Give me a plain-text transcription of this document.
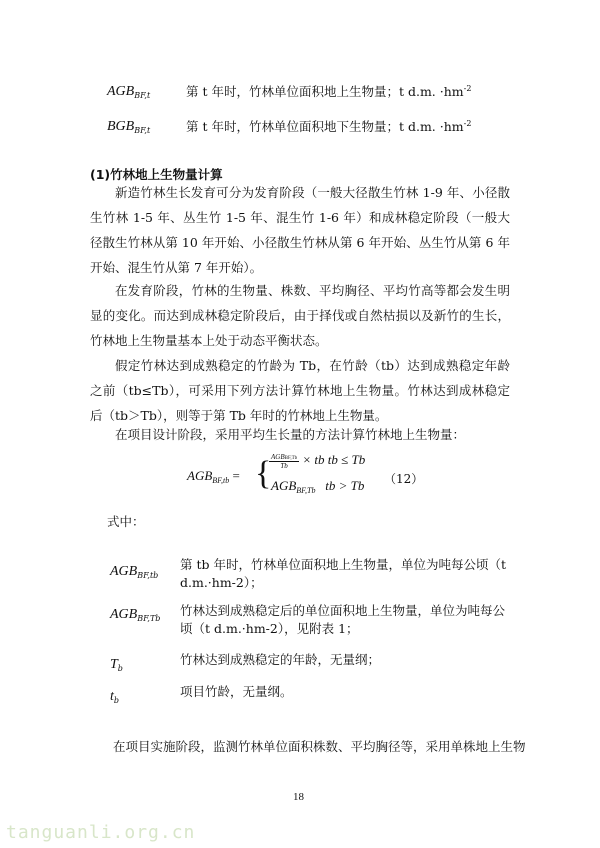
$AGB_{BF,t}$	第 t 年时，竹林单位面积地上生物量；t d.m. $\cdot hm^{-2}$
$BGB_{BF,t}$	第 t 年时，竹林单位面积地下生物量；t d.m. $\cdot hm^{-2}$
(1)竹林地上生物量计算
新造竹林生长发育可分为发育阶段（一般大径散生竹林 1-9 年、小径散生竹林 1-5 年、丛生竹 1-5 年、混生竹 1-6 年）和成林稳定阶段（一般大径散生竹林从第 10 年开始、小径散生竹林从第 6 年开始、丛生竹从第 6 年开始、混生竹从第 7 年开始）。
在发育阶段，竹林的生物量、株数、平均胸径、平均竹高等都会发生明显的变化。而达到成林稳定阶段后，由于择伐或自然枯损以及新竹的生长，竹林地上生物量基本上处于动态平衡状态。
假定竹林达到成熟稳定的竹龄为 Tb，在竹龄（tb）达到成熟稳定年龄之前（tb≤Tb），可采用下列方法计算竹林地上生物量。竹林达到成林稳定后（tb＞Tb），则等于第 Tb 年时的竹林地上生物量。
在项目设计阶段，采用平均生长量的方法计算竹林地上生物量：
$AGB_{BF,tb}$ = {
$\frac{\text{AGBBF,Tb}}{Tb}$ × tb tb ≤ Tb
$AGB_{BF,Tb}$ tb > Tb （12）
式中：
$AGB_{BF,tb}$
第 tb 年时，竹林单位面积地上生物量，单位为吨每公顷（t d.m.·hm-2）；
$AGB_{BF,Tb}$
竹林达到成熟稳定后的单位面积地上生物量，单位为吨每公顷（t d.m.·hm-2），见附表 1；
$T_b$
竹林达到成熟稳定的年龄，无量纲；
$t_b$
项目竹龄，无量纲。
在项目实施阶段，监测竹林单位面积株数、平均胸径等，采用单株地上生物
18
tanguanli.org.cn
